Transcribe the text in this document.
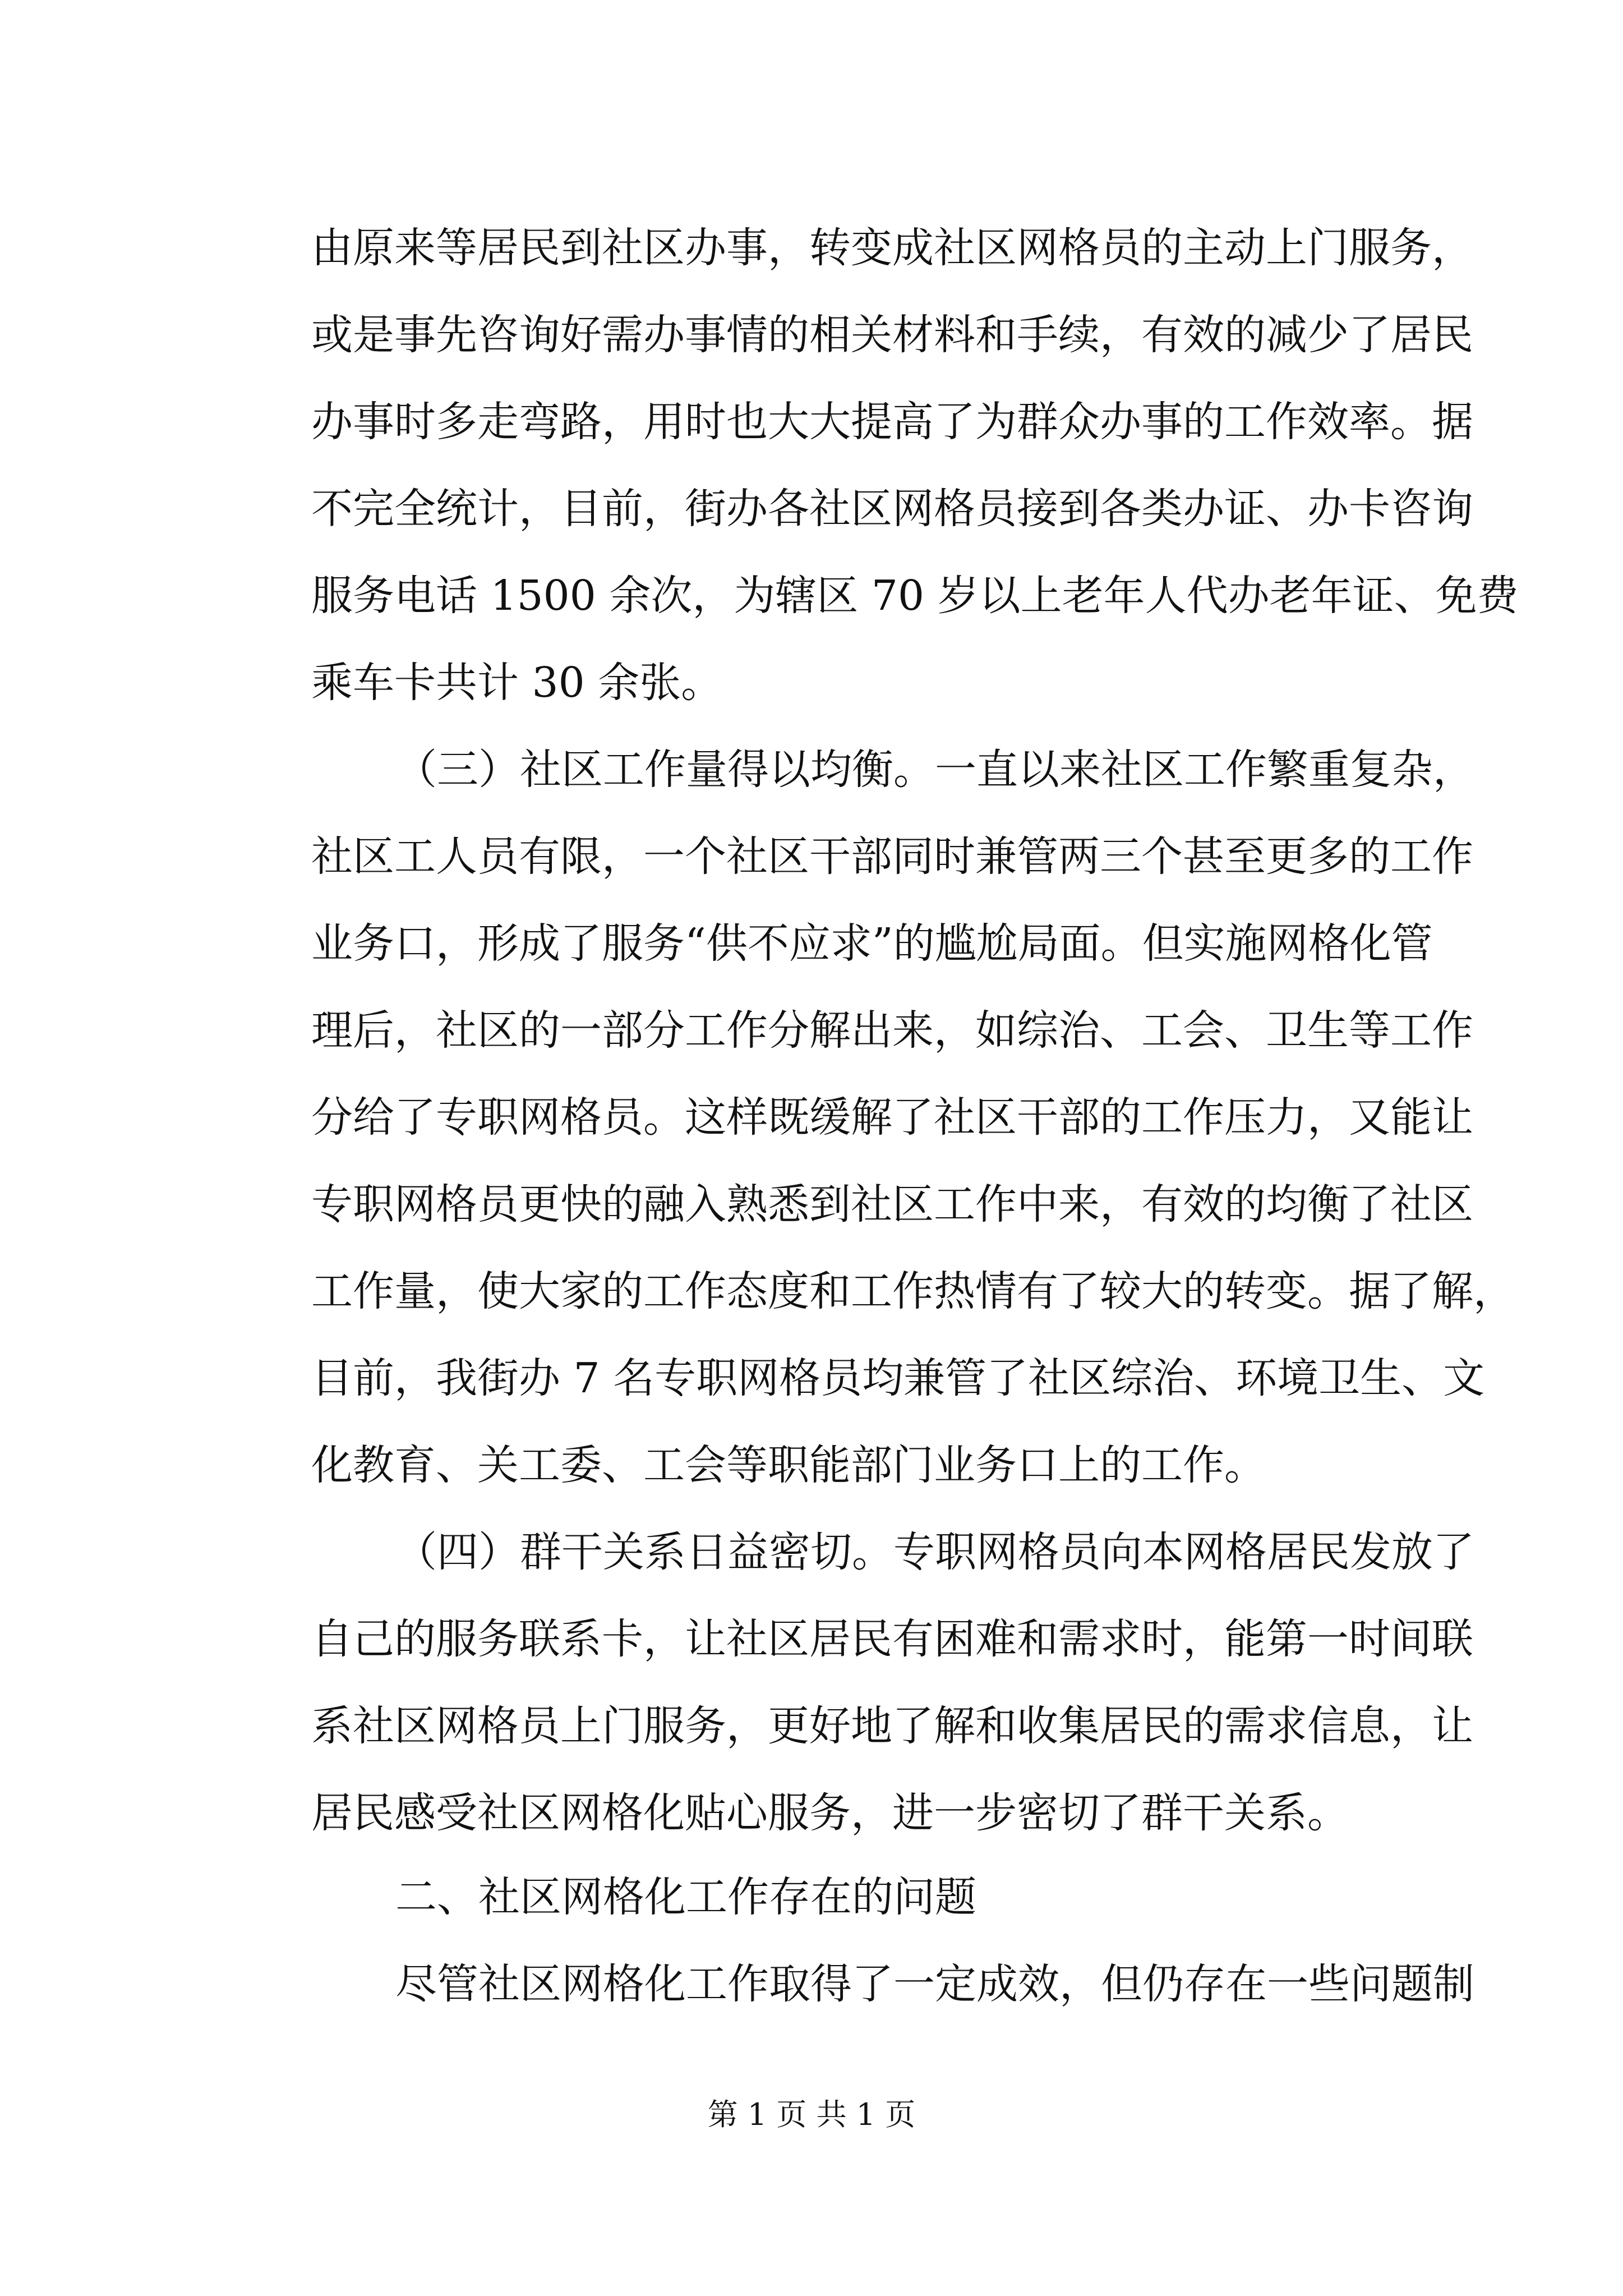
由原来等居民到社区办事，转变成社区网格员的主动上门服务，
或是事先咨询好需办事情的相关材料和手续，有效的减少了居民
办事时多走弯路，用时也大大提高了为群众办事的工作效率。据
不完全统计，目前，街办各社区网格员接到各类办证、办卡咨询
服务电话 1500 余次，为辖区 70 岁以上老年人代办老年证、免费
乘车卡共计 30 余张。
（三）社区工作量得以均衡。一直以来社区工作繁重复杂，
社区工人员有限，一个社区干部同时兼管两三个甚至更多的工作
业务口，形成了服务“供不应求”的尴尬局面。但实施网格化管
理后，社区的一部分工作分解出来，如综治、工会、卫生等工作
分给了专职网格员。这样既缓解了社区干部的工作压力，又能让
专职网格员更快的融入熟悉到社区工作中来，有效的均衡了社区
工作量，使大家的工作态度和工作热情有了较大的转变。据了解，
目前，我街办 7 名专职网格员均兼管了社区综治、环境卫生、文
化教育、关工委、工会等职能部门业务口上的工作。
（四）群干关系日益密切。专职网格员向本网格居民发放了
自己的服务联系卡，让社区居民有困难和需求时，能第一时间联
系社区网格员上门服务，更好地了解和收集居民的需求信息，让
居民感受社区网格化贴心服务，进一步密切了群干关系。
二、社区网格化工作存在的问题
尽管社区网格化工作取得了一定成效，但仍存在一些问题制
第 1 页 共 1 页
